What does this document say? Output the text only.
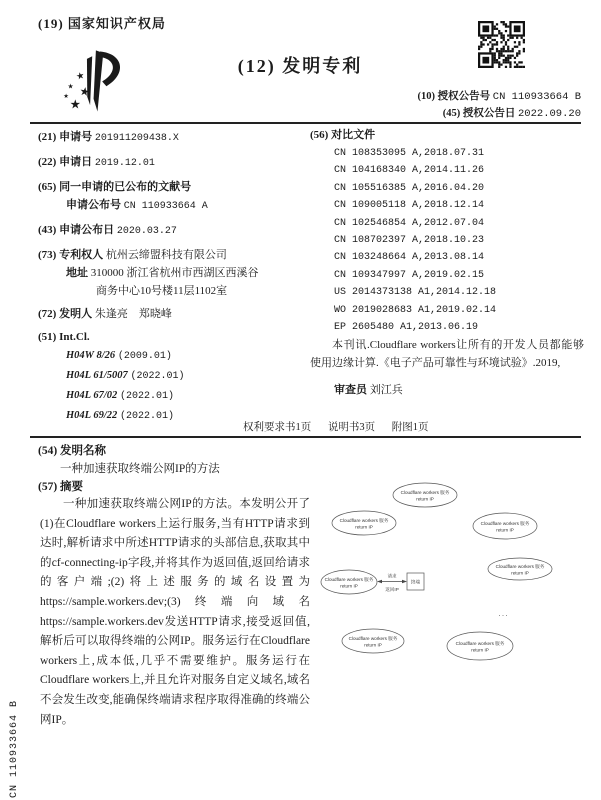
(19) 国家知识产权局
★
★ ★
★
★
(12) 发明专利
(10) 授权公告号 CN 110933664 B
(45) 授权公告日 2022.09.20
(21) 申请号 201911209438.X
(22) 申请日 2019.12.01
(65) 同一申请的已公布的文献号
申请公布号 CN 110933664 A
(43) 申请公布日 2020.03.27
(73) 专利权人 杭州云缔盟科技有限公司
地址 310000 浙江省杭州市西湖区西溪谷
商务中心10号楼11层1102室
(72) 发明人 朱逢亮　郑晓峰
(51) Int.Cl.
H04W 8/26 (2009.01)
H04L 61/5007 (2022.01)
H04L 67/02 (2022.01)
H04L 69/22 (2022.01)
(56) 对比文件
CN 108353095 A,2018.07.31
CN 104168340 A,2014.11.26
CN 105516385 A,2016.04.20
CN 109005118 A,2018.12.14
CN 102546854 A,2012.07.04
CN 108702397 A,2018.10.23
CN 103248664 A,2013.08.14
CN 109347997 A,2019.02.15
US 2014373138 A1,2014.12.18
WO 2019028683 A1,2019.02.14
EP 2605480 A1,2013.06.19

本刊讯.Cloudflare workers让所有的开发人员都能够使用边缘计算.《电子产品可靠性与环境试验》.2019,

审查员 刘江兵
权利要求书1页 说明书3页 附图1页
(54) 发明名称
一种加速获取终端公网IP的方法
(57) 摘要

一种加速获取终端公网IP的方法。本发明公开了(1)在Cloudflare workers上运行服务,当有HTTP请求到达时,解析请求中所述HTTP请求的头部信息,获取其中的cf-connecting-ip字段,并将其作为返回值,返回给请求的客户端;(2)将上述服务的域名设置为https://sample.workers.dev;(3)终端向域名https://sample.workers.dev发送HTTP请求,接受返回值,解析后可以取得终端的公网IP。服务运行在Cloudflare workers上,成本低,几乎不需要维护。服务运行在Cloudflare workers上,并且允许对服务自定义域名,域名不会发生改变,能确保终端请求程序取得准确的终端公网IP。

Cloudflare workers 服务
return IP
Cloudflare workers 服务
return IP
Cloudflare workers 服务
return IP
Cloudflare workers 服务
return IP
Cloudflare workers 服务
return IP
Cloudflare workers 服务
return IP	Cloudflare workers 服务
return IP
请求
返回IP
终端
. . .
CN 110933664 B
